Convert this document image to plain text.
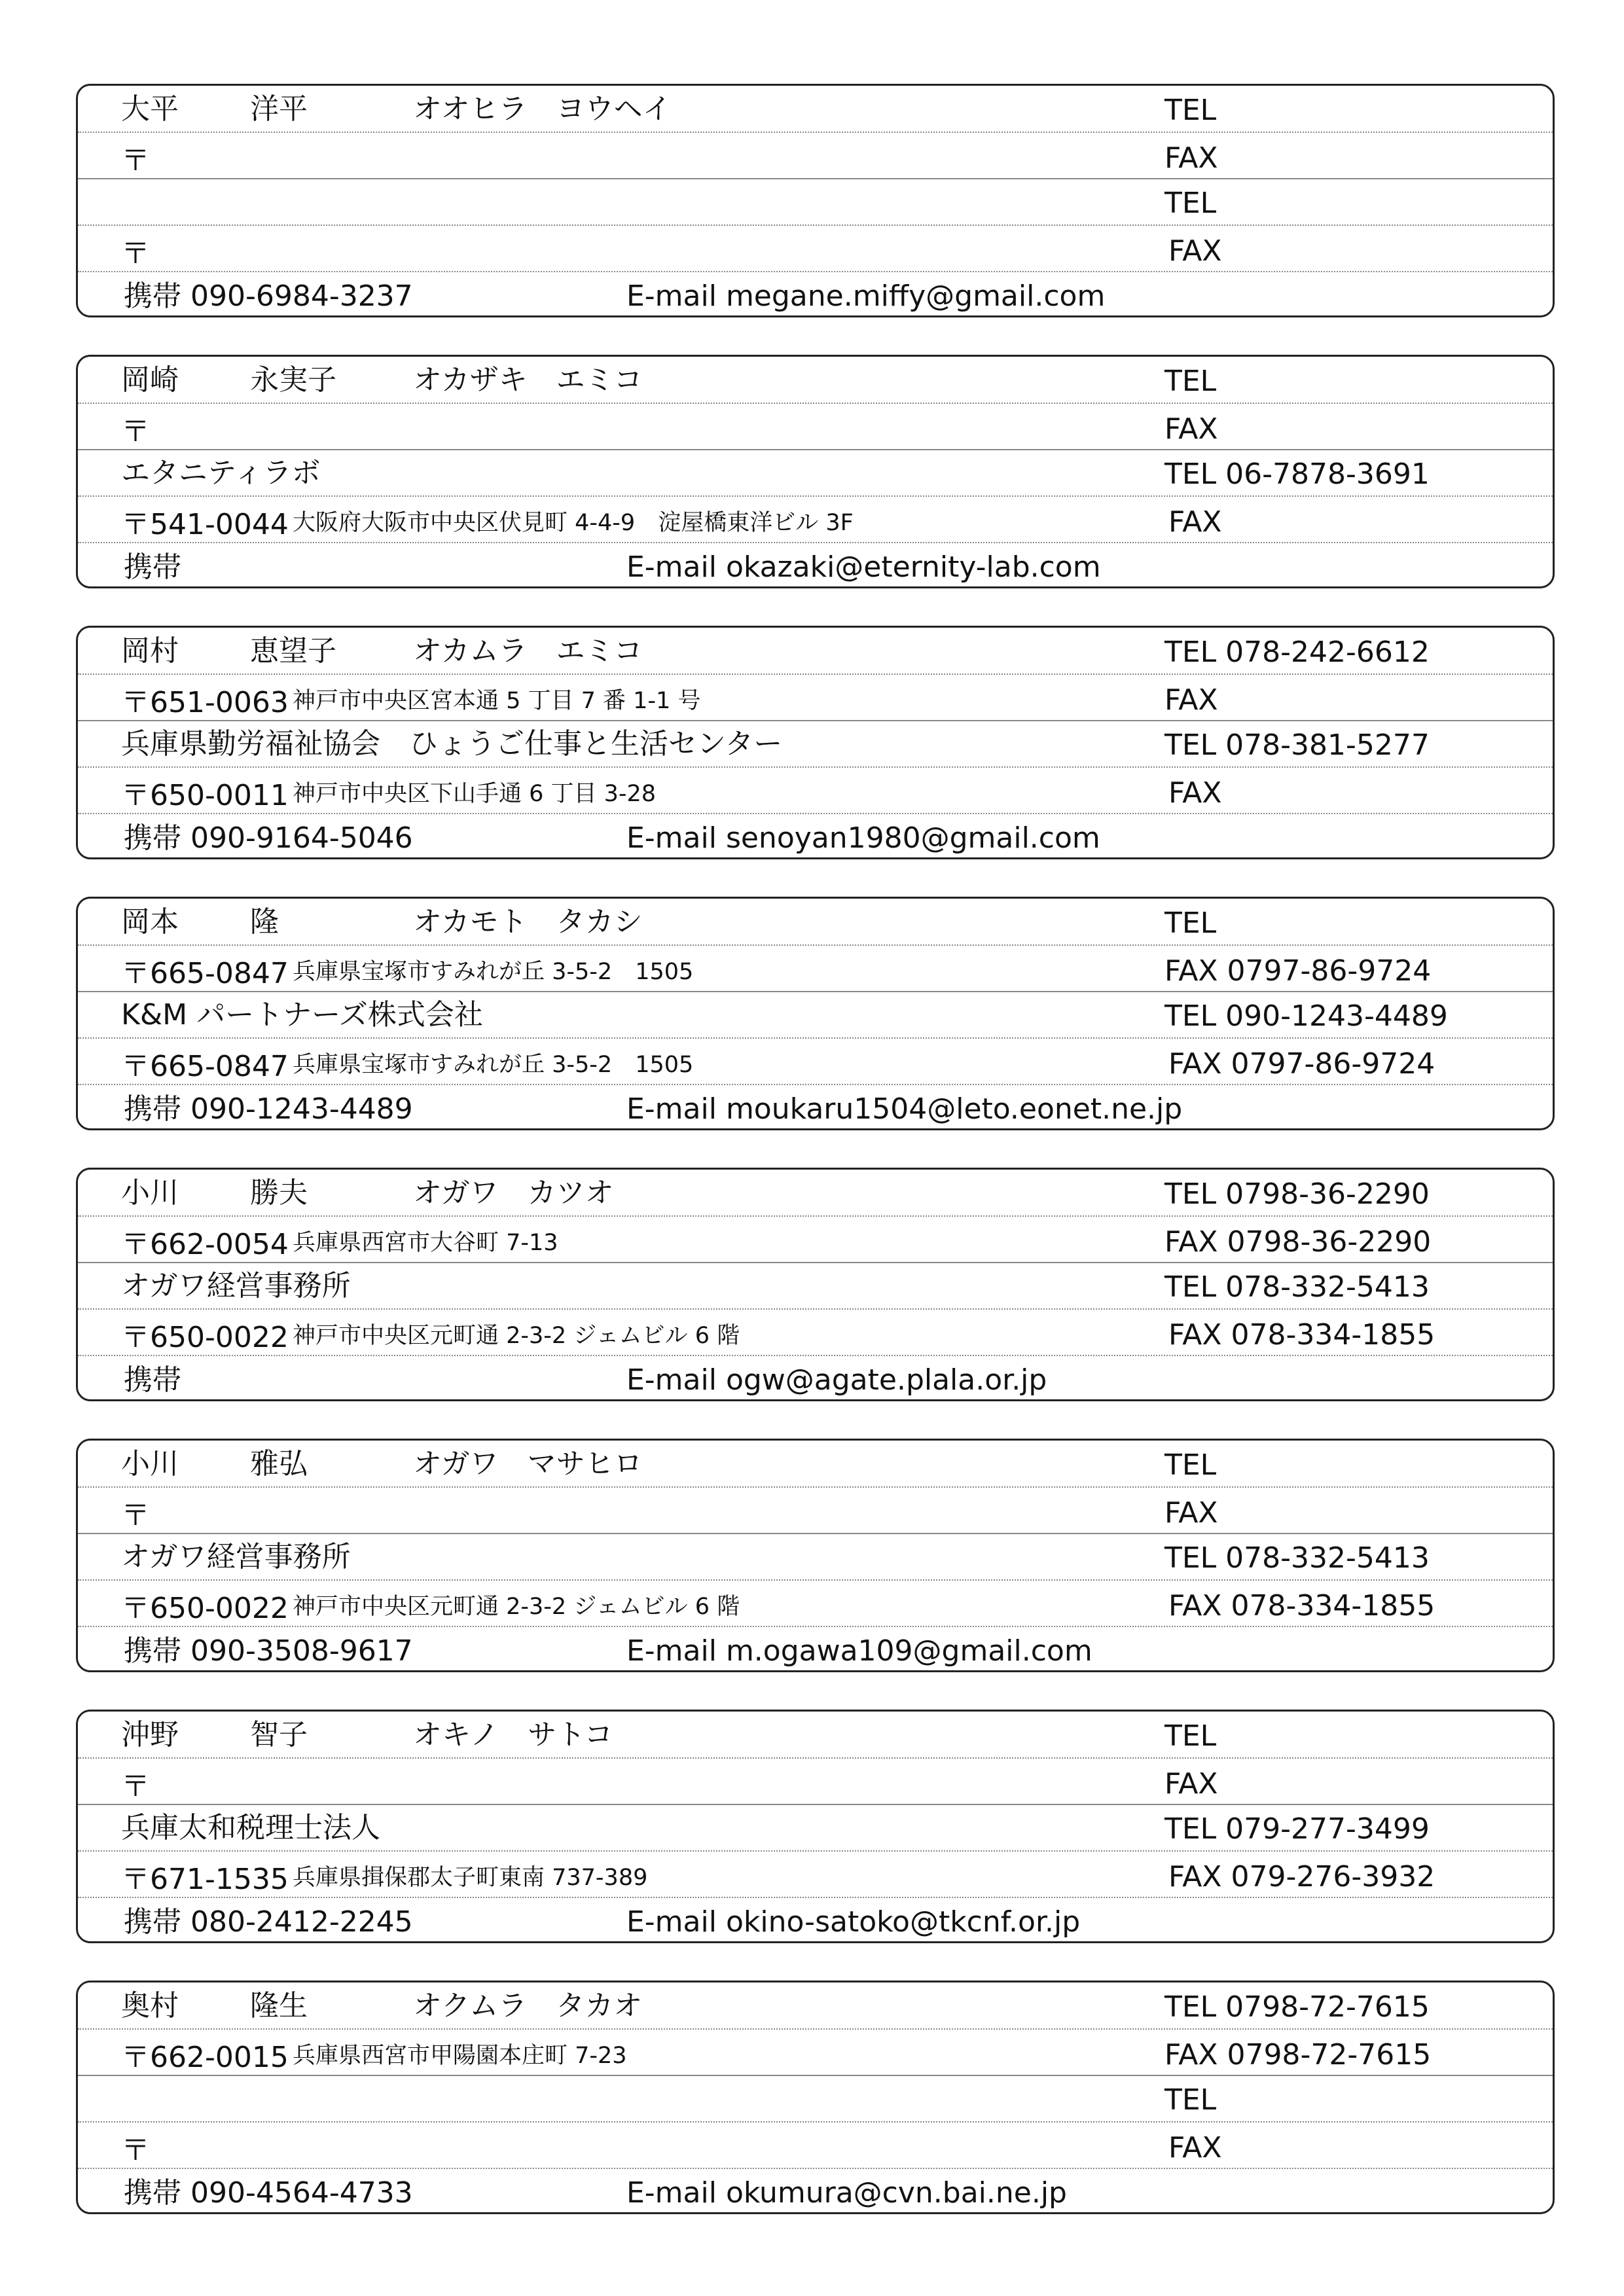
大平 洋平	オオヒラ　ヨウヘイ	TEL
〒	FAX
TEL
〒	FAX
携帯 090-6984-3237	E-mail megane.miffy@gmail.com
岡崎 永実子	オカザキ　エミコ	TEL
〒	FAX
エタニティラボ	TEL 06-7878-3691
〒541-0044 大阪府大阪市中央区伏見町 4-4-9　淀屋橋東洋ビル 3F	FAX
携帯	E-mail okazaki@eternity-lab.com
岡村 恵望子	オカムラ　エミコ	TEL 078-242-6612
〒651-0063 神戸市中央区宮本通 5 丁目 7 番 1-1 号	FAX
兵庫県勤労福祉協会　ひょうご仕事と生活センター	TEL 078-381-5277
〒650-0011 神戸市中央区下山手通 6 丁目 3-28	FAX
携帯 090-9164-5046	E-mail senoyan1980@gmail.com
岡本 隆	オカモト　タカシ	TEL
〒665-0847 兵庫県宝塚市すみれが丘 3-5-2　1505	FAX 0797-86-9724
K&M パートナーズ株式会社	TEL 090-1243-4489
〒665-0847 兵庫県宝塚市すみれが丘 3-5-2　1505	FAX 0797-86-9724
携帯 090-1243-4489	E-mail moukaru1504@leto.eonet.ne.jp
小川 勝夫	オガワ　カツオ	TEL 0798-36-2290
〒662-0054 兵庫県西宮市大谷町 7-13	FAX 0798-36-2290
オガワ経営事務所	TEL 078-332-5413
〒650-0022 神戸市中央区元町通 2-3-2 ジェムビル 6 階	FAX 078-334-1855
携帯	E-mail ogw@agate.plala.or.jp
小川 雅弘	オガワ　マサヒロ	TEL
〒	FAX
オガワ経営事務所	TEL 078-332-5413
〒650-0022 神戸市中央区元町通 2-3-2 ジェムビル 6 階	FAX 078-334-1855
携帯 090-3508-9617	E-mail m.ogawa109@gmail.com
沖野 智子	オキノ　サトコ	TEL
〒	FAX
兵庫太和税理士法人	TEL 079-277-3499
〒671-1535 兵庫県揖保郡太子町東南 737-389	FAX 079-276-3932
携帯 080-2412-2245	E-mail okino-satoko@tkcnf.or.jp
奥村 隆生	オクムラ　タカオ	TEL 0798-72-7615
〒662-0015 兵庫県西宮市甲陽園本庄町 7-23	FAX 0798-72-7615
TEL
〒	FAX
携帯 090-4564-4733	E-mail okumura@cvn.bai.ne.jp
